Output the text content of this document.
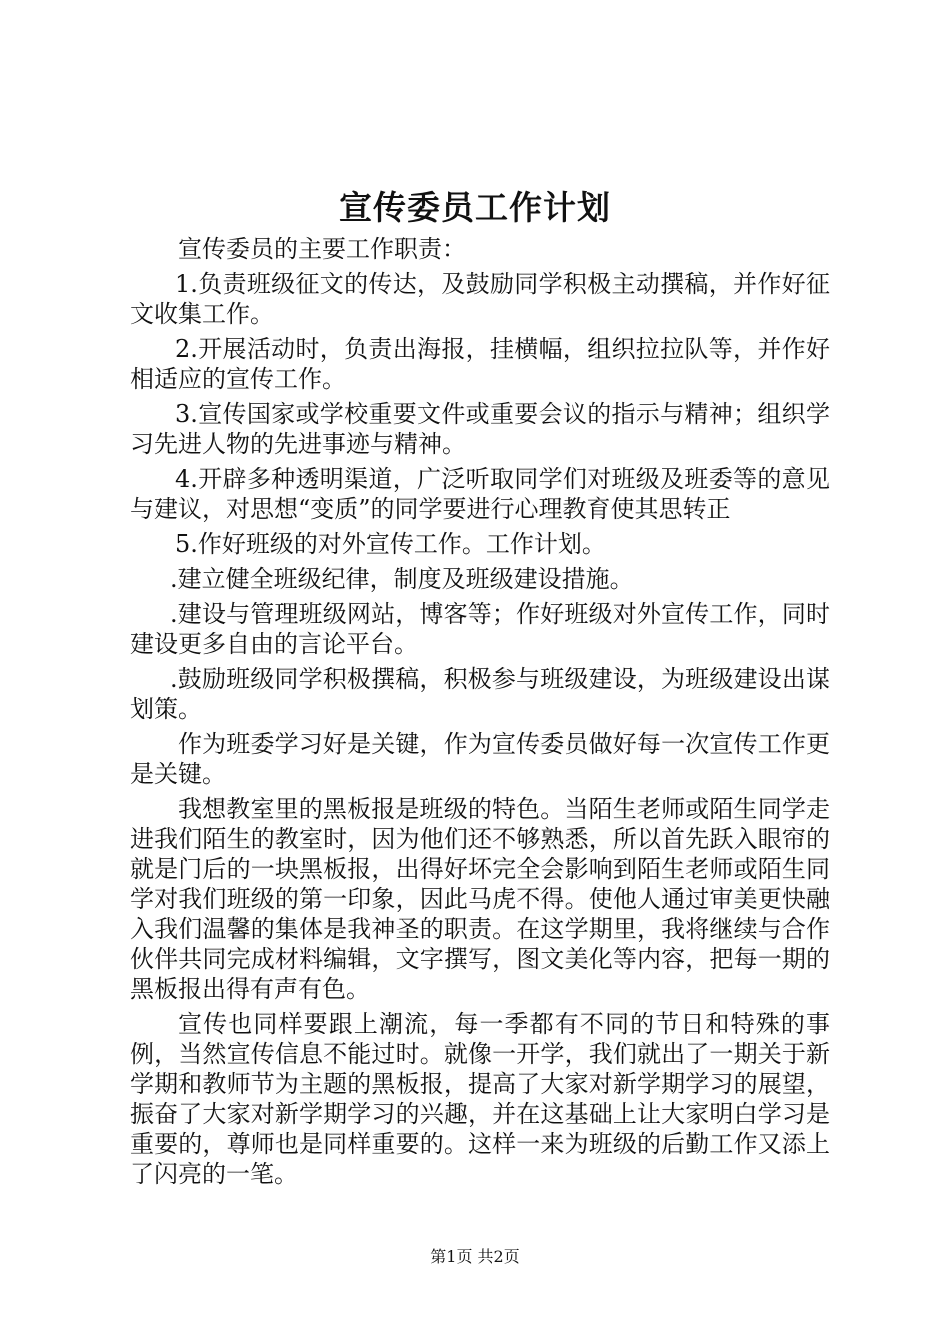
宣传委员工作计划

宣传委员的主要工作职责：

1.负责班级征文的传达，及鼓励同学积极主动撰稿，并作好征文收集工作。

2.开展活动时，负责出海报，挂横幅，组织拉拉队等，并作好相适应的宣传工作。

3.宣传国家或学校重要文件或重要会议的指示与精神；组织学习先进人物的先进事迹与精神。

4.开辟多种透明渠道，广泛听取同学们对班级及班委等的意见与建议，对思想“变质”的同学要进行心理教育使其思转正

5.作好班级的对外宣传工作。工作计划。

.建立健全班级纪律，制度及班级建设措施。

.建设与管理班级网站，博客等；作好班级对外宣传工作，同时建设更多自由的言论平台。

.鼓励班级同学积极撰稿，积极参与班级建设，为班级建设出谋划策。

作为班委学习好是关键，作为宣传委员做好每一次宣传工作更是关键。

我想教室里的黑板报是班级的特色。当陌生老师或陌生同学走进我们陌生的教室时，因为他们还不够熟悉，所以首先跃入眼帘的就是门后的一块黑板报，出得好坏完全会影响到陌生老师或陌生同学对我们班级的第一印象，因此马虎不得。使他人通过审美更快融入我们温馨的集体是我神圣的职责。在这学期里，我将继续与合作伙伴共同完成材料编辑，文字撰写，图文美化等内容，把每一期的黑板报出得有声有色。

宣传也同样要跟上潮流，每一季都有不同的节日和特殊的事例，当然宣传信息不能过时。就像一开学，我们就出了一期关于新学期和教师节为主题的黑板报，提高了大家对新学期学习的展望，振奋了大家对新学期学习的兴趣，并在这基础上让大家明白学习是重要的，尊师也是同样重要的。这样一来为班级的后勤工作又添上了闪亮的一笔。

第1页 共2页
